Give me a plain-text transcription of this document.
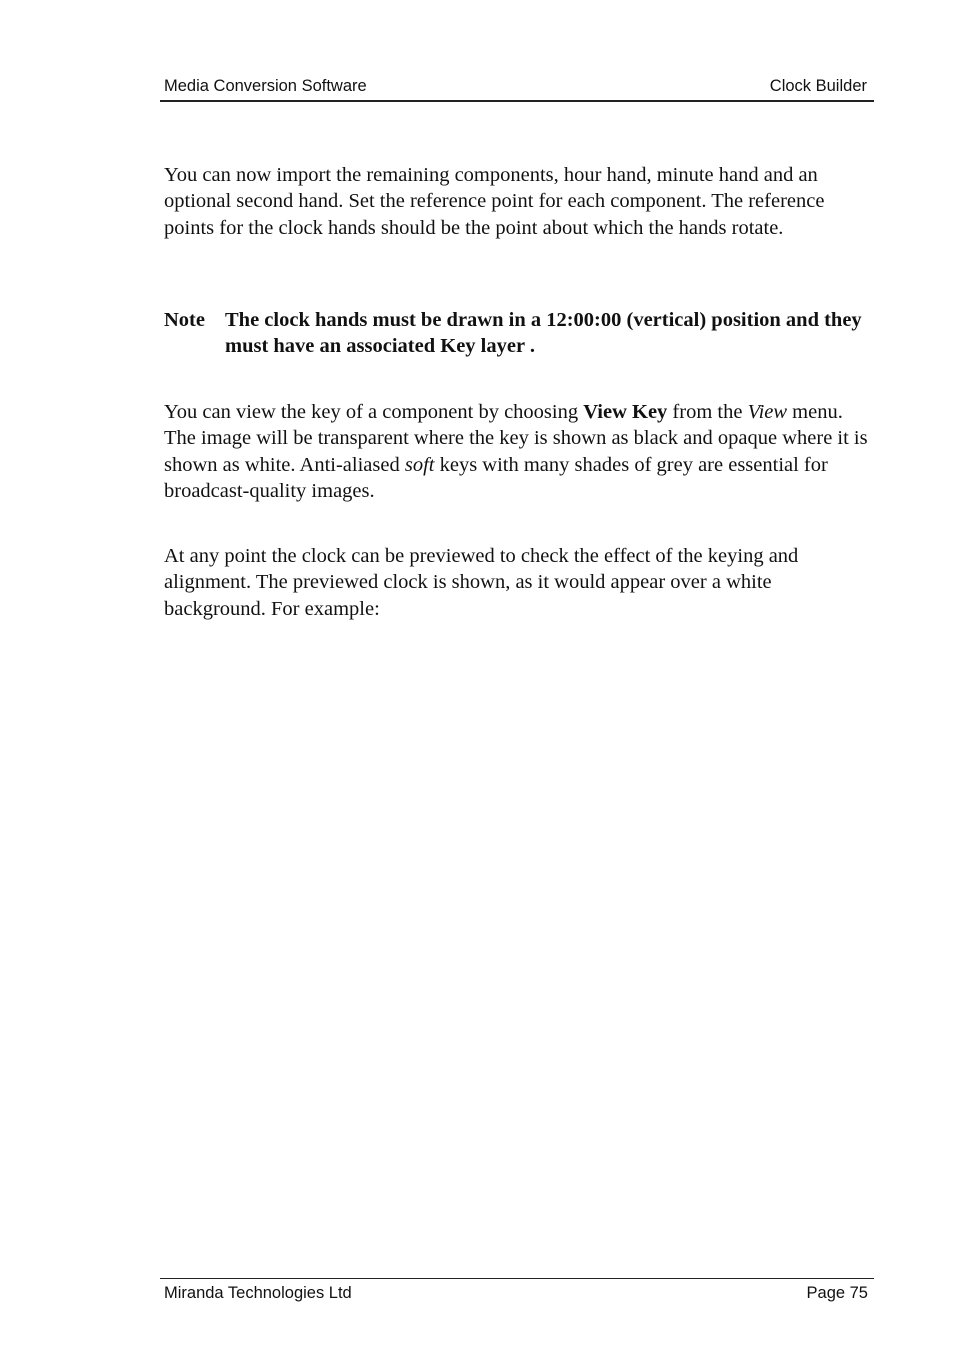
Media Conversion Software	Clock Builder
You can now import the remaining components, hour hand, minute hand and an optional second hand. Set the reference point for each component. The reference points for the clock hands should be the point about which the hands rotate.
Note The clock hands must be drawn in a 12:00:00 (vertical) position and they must have an associated Key layer .
You can view the key of a component by choosing View Key from the View menu. The image will be transparent where the key is shown as black and opaque where it is shown as white. Anti-aliased soft keys with many shades of grey are essential for broadcast-quality images.
At any point the clock can be previewed to check the effect of the keying and alignment. The previewed clock is shown, as it would appear over a white background. For example:
Miranda Technologies Ltd	Page 75
